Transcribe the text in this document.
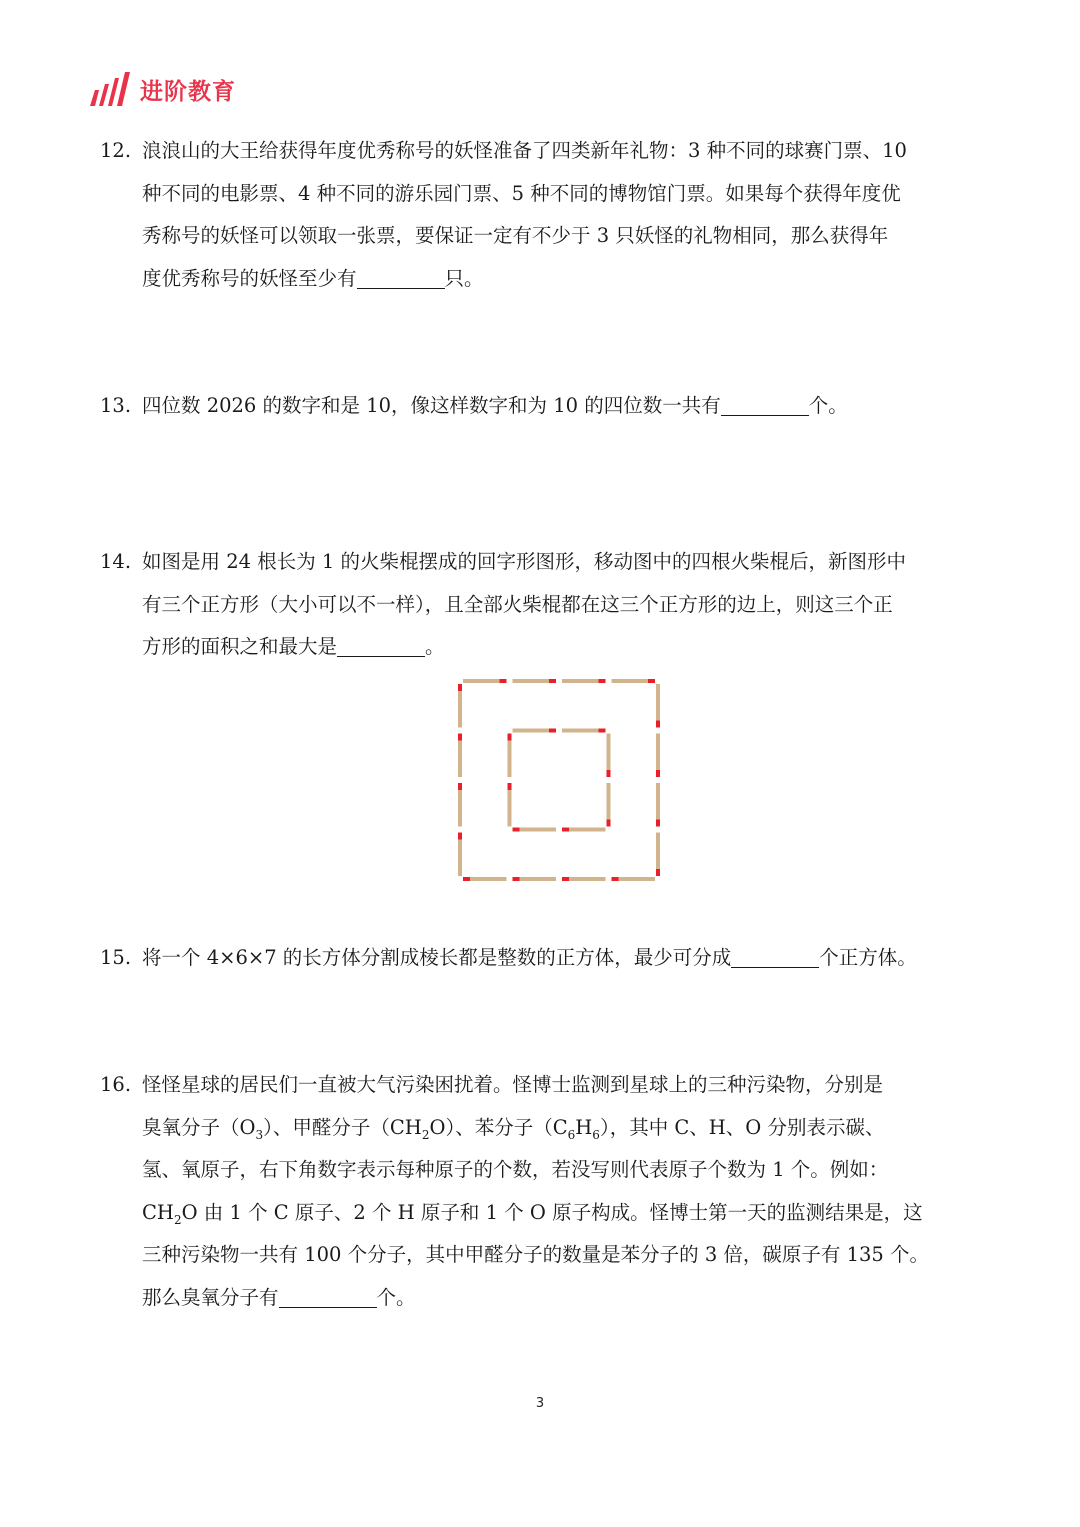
进阶教育
12. 浪浪山的大王给获得年度优秀称号的妖怪准备了四类新年礼物：3 种不同的球赛门票、10
种不同的电影票、4 种不同的游乐园门票、5 种不同的博物馆门票。如果每个获得年度优
秀称号的妖怪可以领取一张票，要保证一定有不少于 3 只妖怪的礼物相同，那么获得年
度优秀称号的妖怪至少有	只。
13. 四位数 2026 的数字和是 10，像这样数字和为 10 的四位数一共有	个。
14. 如图是用 24 根长为 1 的火柴棍摆成的回字形图形，移动图中的四根火柴棍后，新图形中
有三个正方形（大小可以不一样），且全部火柴棍都在这三个正方形的边上，则这三个正
方形的面积之和最大是	。
15. 将一个 4×6×7 的长方体分割成棱长都是整数的正方体，最少可分成	个正方体。
16. 怪怪星球的居民们一直被大气污染困扰着。怪博士监测到星球上的三种污染物，分别是
臭氧分子$(O_3)$、甲醛分子$(CH_2O)$、苯分子$(C_6H_6)$，其中 C、H、O 分别表示碳、
氢、氧原子，右下角数字表示每种原子的个数，若没写则代表原子个数为 1 个。例如：
$CH_2O$ 由 1 个 C 原子、2 个 H 原子和 1 个 O 原子构成。怪博士第一天的监测结果是，这
三种污染物一共有 100 个分子，其中甲醛分子的数量是苯分子的 3 倍，碳原子有 135 个。
那么臭氧分子有	个。
3
